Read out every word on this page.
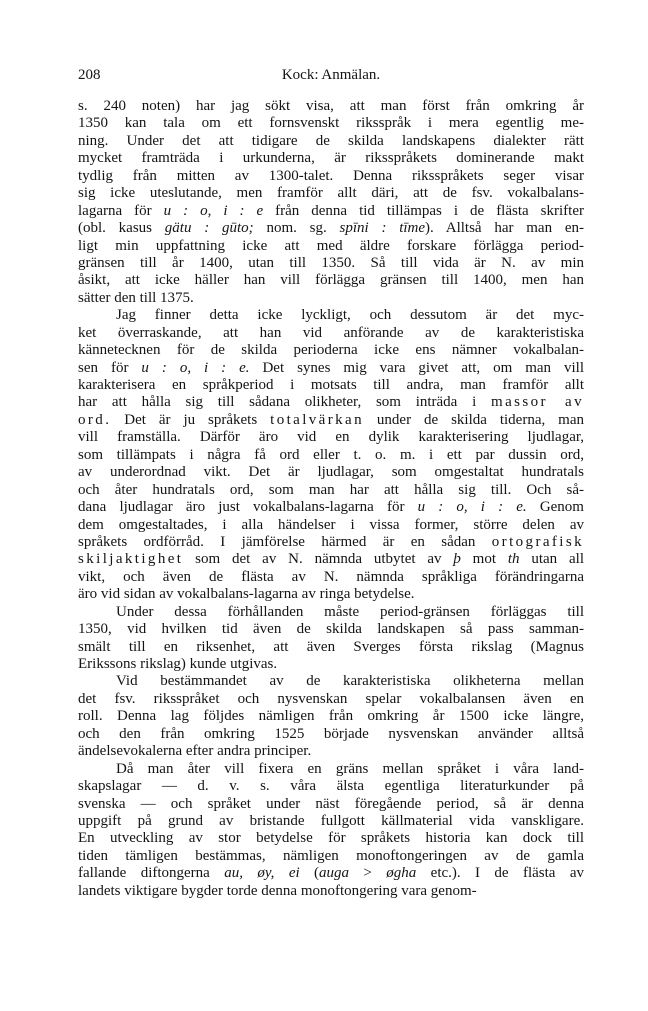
208	Kock: Anmälan.
s. 240 noten) har jag sökt visa, att man först från omkring år
1350 kan tala om ett fornsvenskt riksspråk i mera egentlig me-
ning. Under det att tidigare de skilda landskapens dialekter rätt
mycket framträda i urkunderna, är riksspråkets dominerande makt
tydlig från mitten av 1300-talet. Denna riksspråkets seger visar
sig icke uteslutande, men framför allt däri, att de fsv. vokalbalans-
lagarna för u : o, i : e från denna tid tillämpas i de flästa skrifter
(obl. kasus gätu : gūto; nom. sg. spīni : tīme). Alltså har man en-
ligt min uppfattning icke att med äldre forskare förlägga period-
gränsen till år 1400, utan till 1350. Så till vida är N. av min
åsikt, att icke häller han vill förlägga gränsen till 1400, men han
sätter den till 1375.
Jag finner detta icke lyckligt, och dessutom är det myc-
ket överraskande, att han vid anförande av de karakteristiska
kännetecknen för de skilda perioderna icke ens nämner vokalbalan-
sen för u : o, i : e. Det synes mig vara givet att, om man vill
karakterisera en språkperiod i motsats till andra, man framför allt
har att hålla sig till sådana olikheter, som inträda i massor av
ord. Det är ju språkets totalvärkan under de skilda tiderna, man
vill framställa. Därför äro vid en dylik karakterisering ljudlagar,
som tillämpats i några få ord eller t. o. m. i ett par dussin ord,
av underordnad vikt. Det är ljudlagar, som omgestaltat hundratals
och åter hundratals ord, som man har att hålla sig till. Och så-
dana ljudlagar äro just vokalbalans-lagarna för u : o, i : e. Genom
dem omgestaltades, i alla händelser i vissa former, större delen av
språkets ordförråd. I jämförelse härmed är en sådan ortografisk
skiljaktighet som det av N. nämnda utbytet av þ mot th utan all
vikt, och även de flästa av N. nämnda språkliga förändringarna
äro vid sidan av vokalbalans-lagarna av ringa betydelse.
Under dessa förhållanden måste period-gränsen förläggas till
1350, vid hvilken tid även de skilda landskapen så pass samman-
smält till en riksenhet, att även Sverges första rikslag (Magnus
Erikssons rikslag) kunde utgivas.
Vid bestämmandet av de karakteristiska olikheterna mellan
det fsv. riksspråket och nysvenskan spelar vokalbalansen även en
roll. Denna lag följdes nämligen från omkring år 1500 icke längre,
och den från omkring 1525 började nysvenskan använder alltså
ändelsevokalerna efter andra principer.
Då man åter vill fixera en gräns mellan språket i våra land-
skapslagar — d. v. s. våra älsta egentliga literaturkunder på
svenska — och språket under näst föregående period, så är denna
uppgift på grund av bristande fullgott källmaterial vida vanskligare.
En utveckling av stor betydelse för språkets historia kan dock till
tiden tämligen bestämmas, nämligen monoftongeringen av de gamla
fallande diftongerna au, øy, ei (auga > øgha etc.). I de flästa av
landets viktigare bygder torde denna monoftongering vara genom-
